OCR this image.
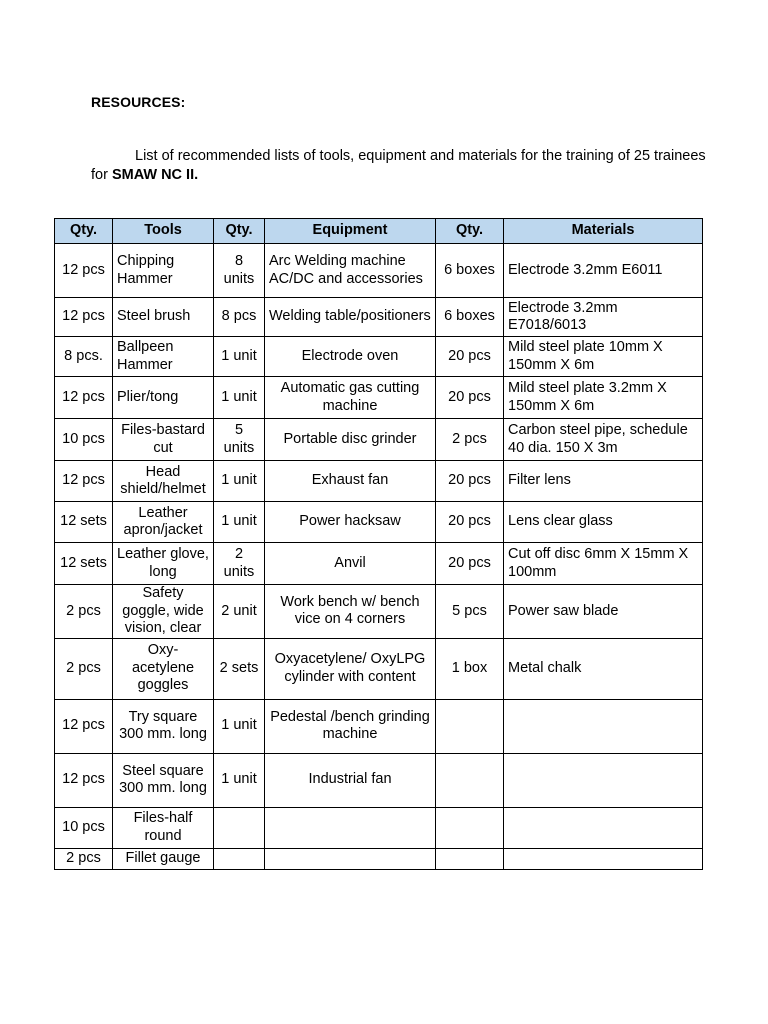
RESOURCES:
List of recommended lists of tools, equipment and materials for the training of 25 trainees for SMAW NC II.
Qty.	Tools	Qty.	Equipment	Qty.	Materials
12 pcs	Chipping Hammer	8 units	Arc Welding machine AC/DC and accessories	6 boxes	Electrode 3.2mm E6011
12 pcs	Steel brush	8 pcs	Welding table/positioners	6 boxes	Electrode 3.2mm E7018/6013
8 pcs.	Ballpeen Hammer	1 unit	Electrode oven	20 pcs	Mild steel plate 10mm X 150mm X 6m
12 pcs	Plier/tong	1 unit	Automatic gas cutting machine	20 pcs	Mild steel plate 3.2mm X 150mm X 6m
10 pcs	Files-bastard cut	5 units	Portable disc grinder	2 pcs	Carbon steel pipe, schedule 40 dia. 150 X 3m
12 pcs	Head shield/helmet	1 unit	Exhaust fan	20 pcs	Filter lens
12 sets	Leather apron/jacket	1 unit	Power hacksaw	20 pcs	Lens clear glass
12 sets	Leather glove, long	2 units	Anvil	20 pcs	Cut off disc 6mm X 15mm X 100mm
2 pcs	Safety goggle, wide vision, clear	2 unit	Work bench w/ bench vice on 4 corners	5 pcs	Power saw blade
2 pcs	Oxy-acetylene goggles	2 sets	Oxyacetylene/ OxyLPG cylinder with content	1 box	Metal chalk
12 pcs	Try square 300 mm. long	1 unit	Pedestal /bench grinding machine		
12 pcs	Steel square 300 mm. long	1 unit	Industrial fan		
10 pcs	Files-half round				
2 pcs	Fillet gauge				
